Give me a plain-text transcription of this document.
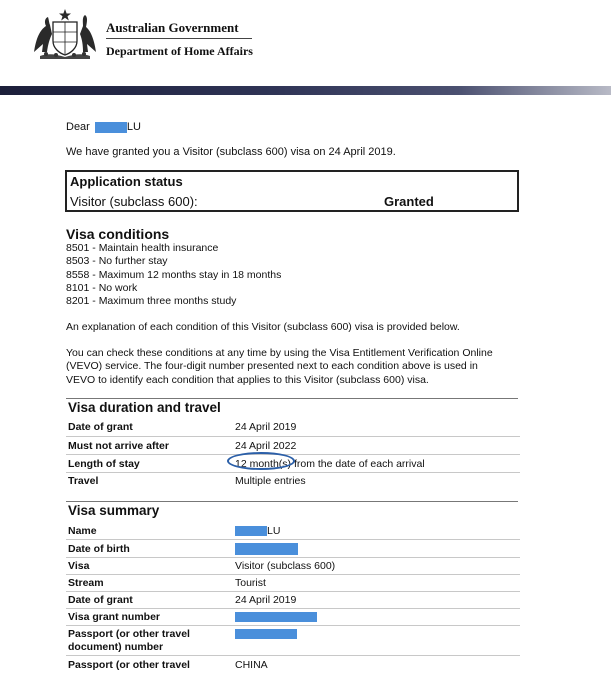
Australian Government
Department of Home Affairs
Dear	LU
We have granted you a Visitor (subclass 600) visa on 24 April 2019.
Application status
Visitor (subclass 600):	Granted
Visa conditions
8501 - Maintain health insurance
8503 - No further stay
8558 - Maximum 12 months stay in 18 months
8101 - No work
8201 - Maximum three months study
An explanation of each condition of this Visitor (subclass 600) visa is provided below.
You can check these conditions at any time by using the Visa Entitlement Verification Online
(VEVO) service. The four-digit number presented next to each condition above is used in
VEVO to identify each condition that applies to this Visitor (subclass 600) visa.
Visa duration and travel
Date of grant	24 April 2019
Must not arrive after	24 April 2022
Length of stay	12 month(s) from the date of each arrival
Travel	Multiple entries
Visa summary
Name	LU
Date of birth
Visa	Visitor (subclass 600)
Stream	Tourist
Date of grant	24 April 2019
Visa grant number
Passport (or other travel document) number
Passport (or other travel	CHINA
